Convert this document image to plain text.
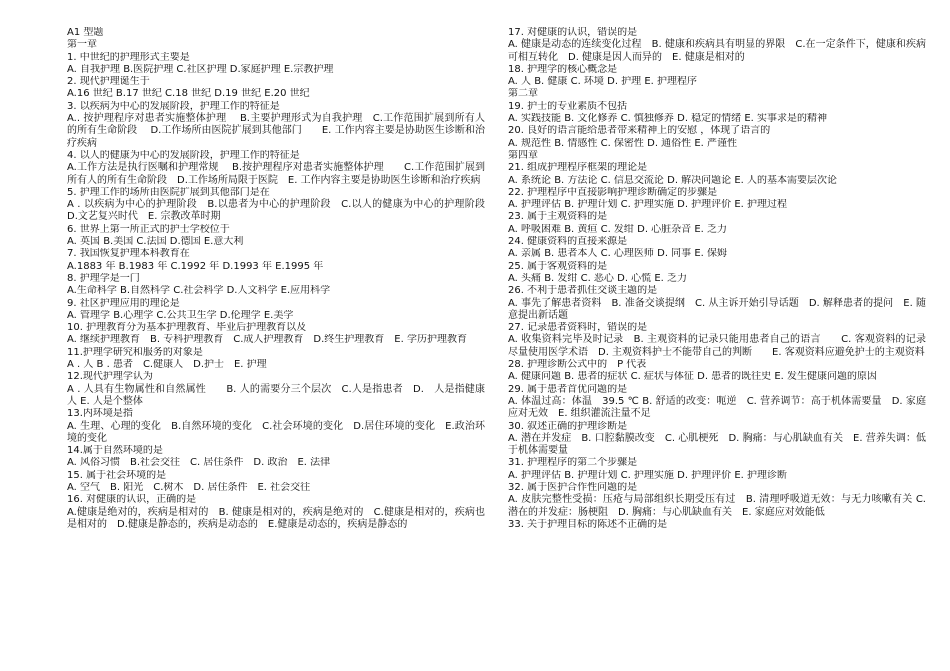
A1 型题
第一章
1. 中世纪的护理形式主要是
A. 自我护理 B.医院护理 C.社区护理 D.家庭护理 E.宗教护理
2. 现代护理诞生于
A.16 世纪 B.17 世纪 C.18 世纪 D.19 世纪 E.20 世纪
3. 以疾病为中心的发展阶段，护理工作的特征是
A.. 按护理程序对患者实施整体护理　 B.主要护理形式为自我护理　C.工作范围扩展到所有人的所有生命阶段　 D.工作场所由医院扩展到其他部门　　E. 工作内容主要是协助医生诊断和治疗疾病
4. 以人的健康为中心的发展阶段，护理工作的特征是
A.工作方法是执行医嘱和护理常规　 B.按护理程序对患者实施整体护理　　C.工作范围扩展到所有人的所有生命阶段　D.工作场所局限于医院　E. 工作内容主要是协助医生诊断和治疗疾病
5. 护理工作的场所由医院扩展到其他部门是在
A . 以疾病为中心的护理阶段　B.以患者为中心的护理阶段　C.以人的健康为中心的护理阶段 D.文艺复兴时代　E. 宗教改革时期
6. 世界上第一所正式的护士学校位于
A. 英国 B.美国 C.法国 D.德国 E.意大利
7. 我国恢复护理本科教育在
A.1883 年 B.1983 年 C.1992 年 D.1993 年 E.1995 年
8. 护理学是一门
A.生命科学 B.自然科学 C.社会科学 D.人文科学 E.应用科学
9. 社区护理应用的理论是
A. 管理学 B.心理学 C.公共卫生学 D.伦理学 E.美学
10. 护理教育分为基本护理教育、毕业后护理教育以及
A. 继续护理教育　B. 专科护理教育　C.成人护理教育　D.终生护理教育　E. 学历护理教育
11.护理学研究和服务的对象是
A . 人 B . 患者　C.健康人　D.护士　E. 护理
12.现代护理学认为
A . 人具有生物属性和自然属性　　B. 人的需要分三个层次　C.人是指患者　D.　人是指健康人 E. 人是个整体
13.内环境是指
A. 生理、心理的变化　B.自然环境的变化　C.社会环境的变化　D.居住环境的变化　E.政治环境的变化
14.属于自然环境的是
A. 风俗习惯　B.社会交往　C. 居住条件　D. 政治　E. 法律
15. 属于社会环境的是
A. 空气　B. 阳光　C.树木　D. 居住条件　E. 社会交往
16. 对健康的认识，正确的是
A.健康是绝对的，疾病是相对的　B. 健康是相对的，疾病是绝对的　C.健康是相对的，疾病也是相对的　D.健康是静态的，疾病是动态的　E.健康是动态的，疾病是静态的
17. 对健康的认识，错误的是
A. 健康是动态的连续变化过程　B. 健康和疾病具有明显的界限　C.在一定条件下，健康和疾病可相互转化　D. 健康是因人而异的　E. 健康是相对的
18. 护理学的核心概念是
A. 人 B. 健康 C. 环境 D. 护理 E. 护理程序
第二章
19. 护士的专业素质不包括
A. 实践技能 B. 文化修养 C. 慎独修养 D. 稳定的情绪 E. 实事求是的精神
20. 良好的语言能给患者带来精神上的安慰 ，体现了语言的
A. 规范性 B. 情感性 C. 保密性 D. 通俗性 E. 严谨性
第四章
21. 组成护理程序框架的理论是
A. 系统论 B. 方法论 C. 信息交流论 D. 解决问题论 E. 人的基本需要层次论
22. 护理程序中直接影响护理诊断确定的步骤是
A. 护理评估 B. 护理计划 C. 护理实施 D. 护理评价 E. 护理过程
23. 属于主观资料的是
A. 呼吸困难 B. 黄疸 C. 发绀 D. 心脏杂音 E. 乏力
24. 健康资料的直接来源是
A. 亲属 B. 患者本人 C. 心理医师 D. 同事 E. 保姆
25. 属于客观资料的是
A. 头痛 B. 发绀 C. 恶心 D. 心慌 E. 乏力
26. 不利于患者抓住交谈主题的是
A. 事先了解患者资料　B. 准备交谈提纲　C. 从主诉开始引导话题　D. 解释患者的提问　E. 随意提出新话题
27. 记录患者资料时，错误的是
A. 收集资料完毕及时记录　B. 主观资料的记录只能用患者自己的语言　　C. 客观资料的记录尽量使用医学术语　D. 主观资料护士不能带自己的判断　　E. 客观资料应避免护士的主观资料
28. 护理诊断公式中的　P 代表
A. 健康问题 B. 患者的症状 C. 症状与体征 D. 患者的既往史 E. 发生健康问题的原因
29. 属于患者首优问题的是
A. 体温过高：体温　39.5 ℃ B. 舒适的改变：呃逆　C. 营养调节：高于机体需要量　D. 家庭应对无效　E. 组织灌流注量不足
30. 叙述正确的护理诊断是
A. 潜在并发症　B. 口腔黏膜改变　C. 心肌梗死　D. 胸痛：与心肌缺血有关　E. 营养失调：低于机体需要量
31. 护理程序的第二个步骤是
A. 护理评估 B. 护理计划 C. 护理实施 D. 护理评价 E. 护理诊断
32. 属于医护合作性问题的是
A. 皮肤完整性受损：压疮与局部组织长期受压有过　B. 清理呼吸道无效：与无力咳嗽有关 C. 潜在的并发症：肠梗阻　D. 胸痛：与心肌缺血有关　E. 家庭应对效能低
33. 关于护理目标的陈述不正确的是
